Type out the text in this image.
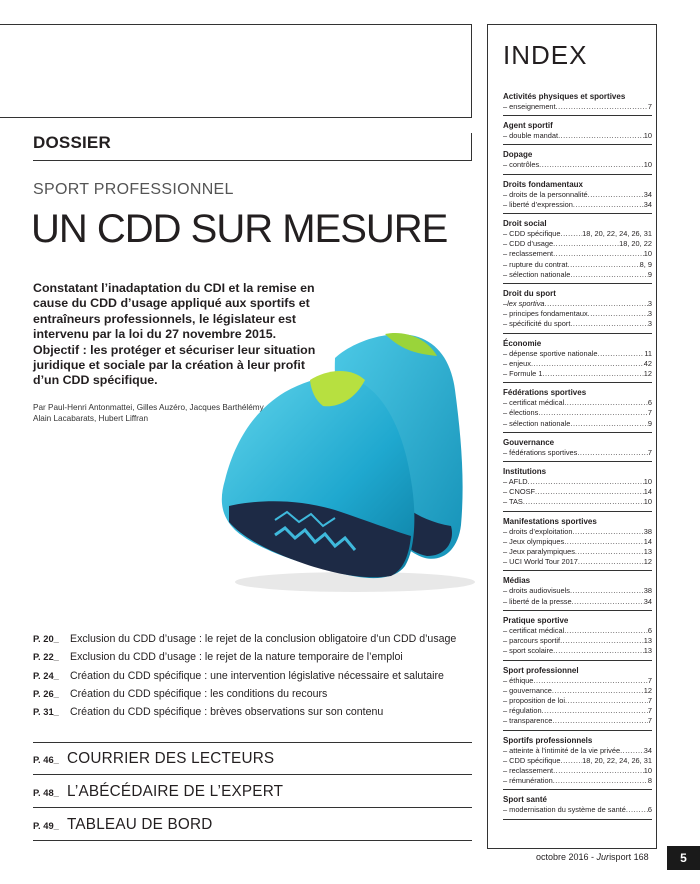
DOSSIER
SPORT PROFESSIONNEL
UN CDD SUR MESURE
Constatant l’inadaptation du CDI et la remise en cause du CDD d’usage appliqué aux sportifs et entraîneurs professionnels, le législateur est intervenu par la loi du 27 novembre 2015. Objectif : les protéger et sécuriser leur situation juridique et sociale par la création à leur profit d’un CDD spécifique.
Par Paul-Henri Antonmattei, Gilles Auzéro, Jacques Barthélémy,
Alain Lacabarats, Hubert Liffran
P. 20_ Exclusion du CDD d’usage : le rejet de la conclusion obligatoire d’un CDD d’usage
P. 22_ Exclusion du CDD d’usage : le rejet de la nature temporaire de l’emploi
P. 24_ Création du CDD spécifique : une intervention législative nécessaire et salutaire
P. 26_ Création du CDD spécifique : les conditions du recours
P. 31_ Création du CDD spécifique : brèves observations sur son contenu
P. 46_ COURRIER DES LECTEURS
P. 48_ L’ABÉCÉDAIRE DE L’EXPERT
P. 49_ TABLEAU DE BORD
INDEX
Activités physiques et sportives
– enseignement .....	7
Agent sportif
– double mandat .....	10
Dopage
– contrôles .....	10
Droits fondamentaux
– droits de la personnalité .....	34
– liberté d’expression .....	34
Droit social
– CDD spécifique .....	18, 20, 22, 24, 26, 31
– CDD d’usage .....	18, 20, 22
– reclassement .....	10
– rupture du contrat .....	8, 9
– sélection nationale .....	9
Droit du sport
– lex sportiva .....	3
– principes fondamentaux .....	3
– spécificité du sport .....	3
Économie
– dépense sportive nationale .....	11
– enjeux .....	42
– Formule 1 .....	12
Fédérations sportives
– certificat médical .....	6
– élections .....	7
– sélection nationale .....	9
Gouvernance
– fédérations sportives .....	7
Institutions
– AFLD .....	10
– CNOSF .....	14
– TAS .....	10
Manifestations sportives
– droits d’exploitation .....	38
– Jeux olympiques .....	14
– Jeux paralympiques .....	13
– UCI World Tour 2017 .....	12
Médias
– droits audiovisuels .....	38
– liberté de la presse .....	34
Pratique sportive
– certificat médical .....	6
– parcours sportif .....	13
– sport scolaire .....	13
Sport professionnel
– éthique .....	7
– gouvernance .....	12
– proposition de loi .....	7
– régulation .....	7
– transparence .....	7
Sportifs professionnels
– atteinte à l’intimité de la vie privée .....	34
– CDD spécifique .....	18, 20, 22, 24, 26, 31
– reclassement .....	10
– rémunération .....	8
Sport santé
– modernisation du système de santé .....	6
octobre 2016 - Jurisport 168	5
